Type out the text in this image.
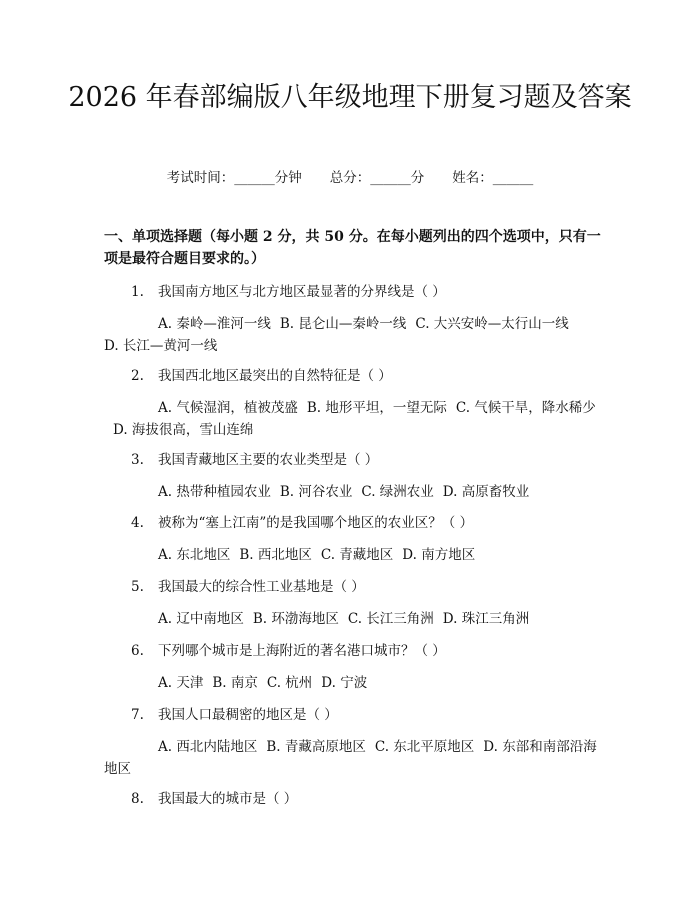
2026 年春部编版八年级地理下册复习题及答案
考试时间：______分钟 总分：______分 姓名：______
一、单项选择题（每小题 2 分，共 50 分。在每小题列出的四个选项中，只有一项是最符合题目要求的。）
1. 我国南方地区与北方地区最显著的分界线是（ ）
A. 秦岭—淮河一线 B. 昆仑山—秦岭一线 C. 大兴安岭—太行山一线 D. 长江—黄河一线
2. 我国西北地区最突出的自然特征是（ ）
A. 气候湿润，植被茂盛 B. 地形平坦，一望无际 C. 气候干旱，降水稀少D. 海拔很高，雪山连绵
3. 我国青藏地区主要的农业类型是（ ）
A. 热带种植园农业 B. 河谷农业 C. 绿洲农业 D. 高原畜牧业
4. 被称为“塞上江南”的是我国哪个地区的农业区？（ ）
A. 东北地区 B. 西北地区 C. 青藏地区 D. 南方地区
5. 我国最大的综合性工业基地是（ ）
A. 辽中南地区 B. 环渤海地区 C. 长江三角洲 D. 珠江三角洲
6. 下列哪个城市是上海附近的著名港口城市？（ ）
A. 天津 B. 南京 C. 杭州 D. 宁波
7. 我国人口最稠密的地区是（ ）
A. 西北内陆地区 B. 青藏高原地区 C. 东北平原地区 D. 东部和南部沿海地区
8. 我国最大的城市是（ ）
